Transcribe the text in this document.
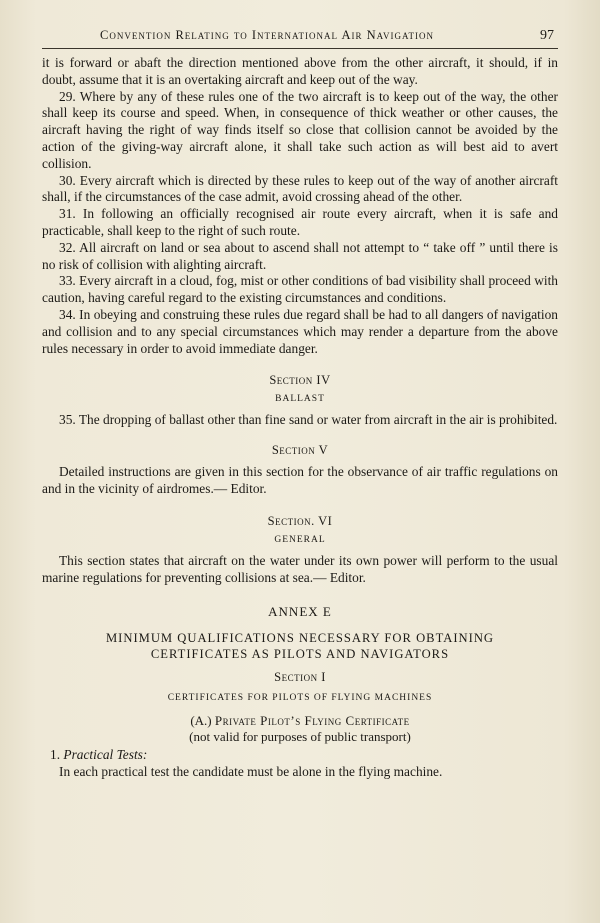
Convention Relating to International Air Navigation	97

it is forward or abaft the direction mentioned above from the other aircraft, it should, if in doubt, assume that it is an overtaking aircraft and keep out of the way.

29. Where by any of these rules one of the two aircraft is to keep out of the way, the other shall keep its course and speed. When, in consequence of thick weather or other causes, the aircraft having the right of way finds itself so close that collision cannot be avoided by the action of the giving-way aircraft alone, it shall take such action as will best aid to avert collision.

30. Every aircraft which is directed by these rules to keep out of the way of another aircraft shall, if the circumstances of the case admit, avoid crossing ahead of the other.

31. In following an officially recognised air route every aircraft, when it is safe and practicable, shall keep to the right of such route.

32. All aircraft on land or sea about to ascend shall not attempt to “ take off ” until there is no risk of collision with alighting aircraft.

33. Every aircraft in a cloud, fog, mist or other conditions of bad visibility shall proceed with caution, having careful regard to the existing circumstances and conditions.

34. In obeying and construing these rules due regard shall be had to all dangers of navigation and collision and to any special circumstances which may render a departure from the above rules necessary in order to avoid immediate danger.

Section IV
BALLAST

35. The dropping of ballast other than fine sand or water from aircraft in the air is prohibited.

Section V

Detailed instructions are given in this section for the observance of air traffic regulations on and in the vicinity of airdromes.— Editor.

Section. VI
GENERAL

This section states that aircraft on the water under its own power will perform to the usual marine regulations for preventing collisions at sea.— Editor.

ANNEX E
MINIMUM QUALIFICATIONS NECESSARY FOR OBTAINING
CERTIFICATES AS PILOTS AND NAVIGATORS
Section I
CERTIFICATES FOR PILOTS OF FLYING MACHINES
(A.) Private Pilot’s Flying Certificate
(not valid for purposes of public transport)
1. Practical Tests:

In each practical test the candidate must be alone in the flying machine.
